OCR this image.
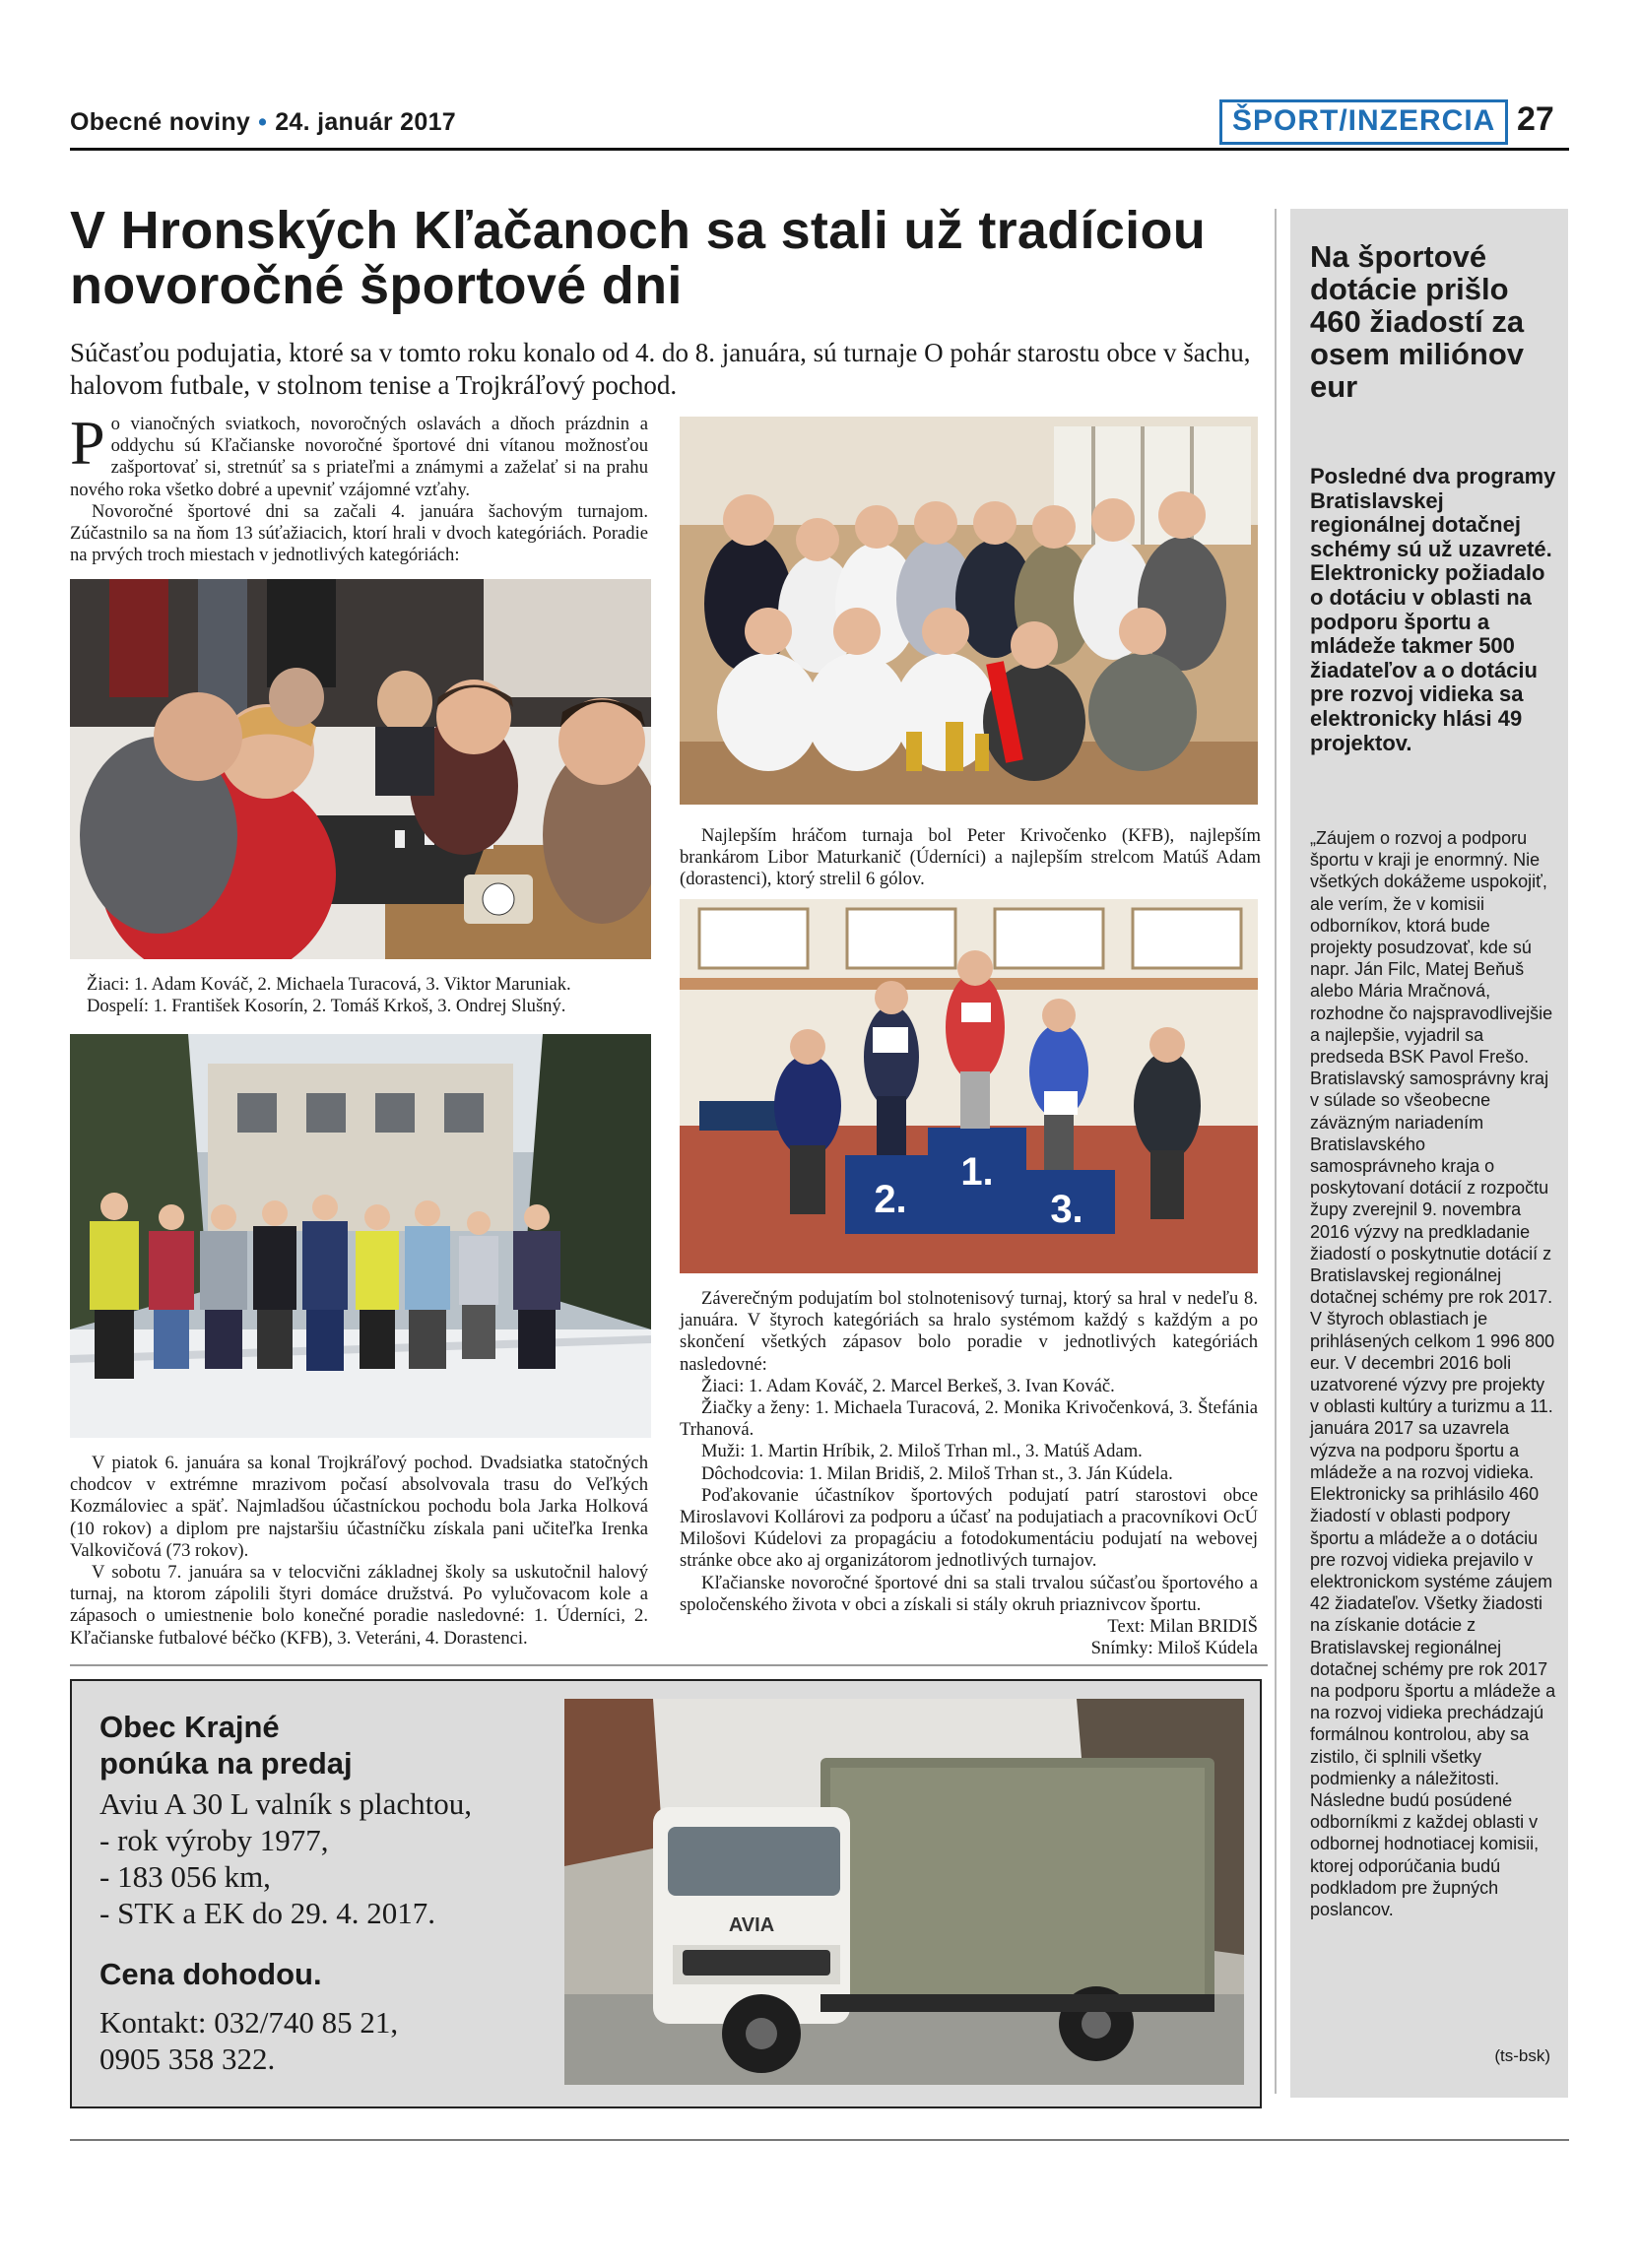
Obecné noviny • 24. január 2017	ŠPORT/INZERCIA 27
V Hronských Kľačanoch sa stali už tradíciou novoročné športové dni
Súčasťou podujatia, ktoré sa v tomto roku konalo od 4. do 8. januára, sú turnaje O pohár starostu obce v šachu, halovom futbale, v stolnom tenise a Trojkráľový pochod.

Po vianočných sviatkoch, novoročných oslavách a dňoch prázdnin a oddychu sú Kľačianske novoročné športové dni vítanou možnosťou zašportovať si, stretnúť sa s priateľmi a známymi a zaželať si na prahu nového roka všetko dobré a upevniť vzájomné vzťahy.

Novoročné športové dni sa začali 4. januára šachovým turnajom. Zúčastnilo sa na ňom 13 súťažiacich, ktorí hrali v dvoch kategóriách. Poradie na prvých troch miestach v jednotlivých kategóriách:

Žiaci: 1. Adam Kováč, 2. Michaela Turacová, 3. Viktor Maruniak.
Dospelí: 1. František Kosorín, 2. Tomáš Krkoš, 3. Ondrej Slušný.

V piatok 6. januára sa konal Trojkráľový pochod. Dvadsiatka statočných chodcov v extrémne mrazivom počasí absolvovala trasu do Veľkých Kozmáloviec a späť. Najmladšou účastníckou pochodu bola Jarka Holková (10 rokov) a diplom pre najstaršiu účastníčku získala pani učiteľka Irenka Valkovičová (73 rokov).

V sobotu 7. januára sa v telocvični základnej školy sa uskutočnil halový turnaj, na ktorom zápolili štyri domáce družstvá. Po vylučovacom kole a zápasoch o umiestnenie bolo konečné poradie nasledovné: 1. Úderníci, 2. Kľačianske futbalové béčko (KFB), 3. Veteráni, 4. Dorastenci.

Najlepším hráčom turnaja bol Peter Krivočenko (KFB), najlepším brankárom Libor Maturkanič (Úderníci) a najlepším strelcom Matúš Adam (dorastenci), ktorý strelil 6 gólov.
2.
1.
3.

Záverečným podujatím bol stolnotenisový turnaj, ktorý sa hral v nedeľu 8. januára. V štyroch kategóriách sa hralo systémom každý s každým a po skončení všetkých zápasov bolo poradie v jednotlivých kategóriách nasledovné:

Žiaci: 1. Adam Kováč, 2. Marcel Berkeš, 3. Ivan Kováč.

Žiačky a ženy: 1. Michaela Turacová, 2. Monika Krivočenková, 3. Štefánia Trhanová.

Muži: 1. Martin Hríbik, 2. Miloš Trhan ml., 3. Matúš Adam.

Dôchodcovia: 1. Milan Bridiš, 2. Miloš Trhan st., 3. Ján Kúdela.

Poďakovanie účastníkov športových podujatí patrí starostovi obce Miroslavovi Kollárovi za podporu a účasť na podujatiach a pracovníkovi OcÚ Milošovi Kúdelovi za propagáciu a fotodokumentáciu podujatí na webovej stránke obce ako aj organizátorom jednotlivých turnajov.

Kľačianske novoročné športové dni sa stali trvalou súčasťou športového a spoločenského života v obci a získali si stály okruh priaznivcov športu.

Text: Milan BRIDIŠ
Snímky: Miloš Kúdela
Na športové dotácie prišlo 460 žiadostí za osem miliónov eur
Posledné dva programy Bratislavskej regionálnej dotačnej schémy sú už uzavreté. Elektronicky požiadalo o dotáciu v oblasti na podporu športu a mládeže takmer 500 žiadateľov a o dotáciu pre rozvoj vidieka sa elektronicky hlási 49 projektov.
„Záujem o rozvoj a podporu športu v kraji je enormný. Nie všetkých dokážeme uspokojiť, ale verím, že v komisii odborníkov, ktorá bude projekty posudzovať, kde sú napr. Ján Filc, Matej Beňuš alebo Mária Mračnová, rozhodne čo najspravodlivejšie a najlepšie, vyjadril sa predseda BSK Pavol Frešo. Bratislavský samosprávny kraj v súlade so všeobecne záväzným nariadením Bratislavského samosprávneho kraja o poskytovaní dotácií z rozpočtu župy zverejnil 9. novembra 2016 výzvy na predkladanie žiadostí o poskytnutie dotácií z Bratislavskej regionálnej dotačnej schémy pre rok 2017. V štyroch oblastiach je prihlásených celkom 1 996 800 eur. V decembri 2016 boli uzatvorené výzvy pre projekty v oblasti kultúry a turizmu a 11. januára 2017 sa uzavrela výzva na podporu športu a mládeže a na rozvoj vidieka. Elektronicky sa prihlásilo 460 žiadostí v oblasti podpory športu a mládeže a o dotáciu pre rozvoj vidieka prejavilo v elektronickom systéme záujem 42 žiadateľov. Všetky žiadosti na získanie dotácie z Bratislavskej regionálnej dotačnej schémy pre rok 2017 na podporu športu a mládeže a na rozvoj vidieka prechádzajú formálnou kontrolou, aby sa zistilo, či splnili všetky podmienky a náležitosti. Následne budú posúdené odborníkmi z každej oblasti v odbornej hodnotiacej komisii, ktorej odporúčania budú podkladom pre župných poslancov.
(ts-bsk)
Obec Krajné
ponúka na predaj
Aviu A 30 L valník s plachtou,
- rok výroby 1977,
- 183 056 km,
- STK a EK do 29. 4. 2017.
Cena dohodou.
Kontakt: 032/740 85 21,
0905 358 322.
AVIA
